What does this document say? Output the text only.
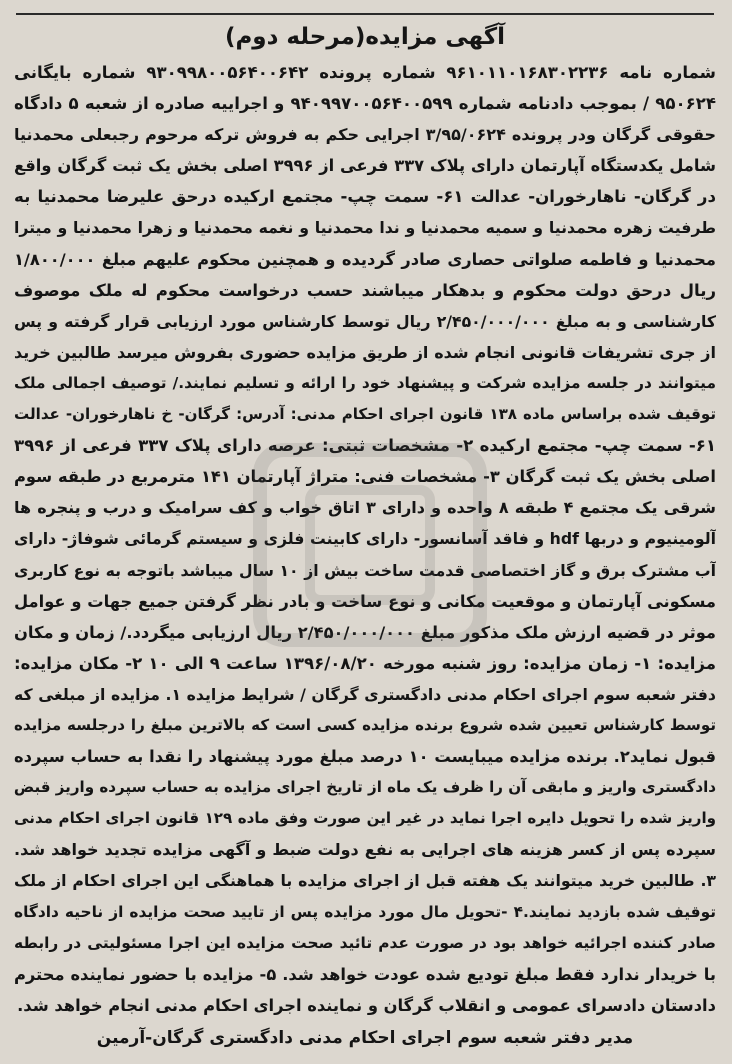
آگهی مزایده(مرحله دوم)
شماره نامه ۹۶۱۰۱۱۰۱۶۸۳۰۲۲۳۶ شماره پرونده ۹۳۰۹۹۸۰۰۵۶۴۰۰۶۴۲ شماره بایگانی
۹۵۰۶۲۴ / بموجب دادنامه شماره ۹۴۰۹۹۷۰۰۵۶۴۰۰۵۹۹ و اجراییه صادره از شعبه ۵ دادگاه
حقوقی گرگان ودر پرونده ۳/۹۵/۰۶۲۴ اجرایی حکم به فروش ترکه مرحوم رجبعلی محمدنیا
شامل یکدستگاه آپارتمان دارای پلاک ۳۳۷ فرعی از ۳۹۹۶ اصلی بخش یک ثبت گرگان واقع
در گرگان- ناهارخوران- عدالت ۶۱- سمت چپ- مجتمع ارکیده درحق علیرضا محمدنیا به
طرفیت زهره محمدنیا و سمیه محمدنیا و ندا محمدنیا و نغمه محمدنیا و زهرا محمدنیا و میترا
محمدنیا و فاطمه صلواتی حصاری صادر گردیده و همچنین محکوم علیهم مبلغ ۱/۸۰۰/۰۰۰
ریال درحق دولت محکوم و بدهکار میباشند حسب درخواست محکوم له ملک موصوف
کارشناسی و به مبلغ ۲/۴۵۰/۰۰۰/۰۰۰ ریال توسط کارشناس مورد ارزیابی قرار گرفته و پس
از جری تشریفات قانونی انجام شده از طریق مزایده حضوری بفروش میرسد طالبین خرید
میتوانند در جلسه مزایده شرکت و پیشنهاد خود را ارائه و تسلیم نمایند./ توصیف اجمالی ملک
توقیف شده براساس ماده ۱۳۸ قانون اجرای احکام مدنی: آدرس: گرگان- خ ناهارخوران- عدالت
۶۱- سمت چپ- مجتمع ارکیده ۲- مشخصات ثبتی: عرصه دارای پلاک ۳۳۷ فرعی از ۳۹۹۶
اصلی بخش یک ثبت گرگان ۳- مشخصات فنی: متراژ آپارتمان ۱۴۱ مترمربع در طبقه سوم
شرقی یک مجتمع ۴ طبقه ۸ واحده و دارای ۳ اتاق خواب و کف سرامیک و درب و پنجره ها
آلومینیوم و دربها hdf و فاقد آسانسور- دارای کابینت فلزی و سیستم گرمائی شوفاژ- دارای
آب مشترک برق و گاز اختصاصی قدمت ساخت بیش از ۱۰ سال میباشد باتوجه به نوع کاربری
مسکونی آپارتمان و موقعیت مکانی و نوع ساخت و بادر نظر گرفتن جمیع جهات و عوامل
موثر در قضیه ارزش ملک مذکور مبلغ ۲/۴۵۰/۰۰۰/۰۰۰ ریال ارزیابی میگردد./ زمان و مکان
مزایده: ۱- زمان مزایده: روز شنبه مورخه ۱۳۹۶/۰۸/۲۰ ساعت ۹ الی ۱۰ ۲- مکان مزایده:
دفتر شعبه سوم اجرای احکام مدنی دادگستری گرگان / شرایط مزایده ۱. مزایده از مبلغی که
توسط کارشناس تعیین شده شروع برنده مزایده کسی است که بالاترین مبلغ را درجلسه مزایده
قبول نماید۲. برنده مزایده میبایست ۱۰ درصد مبلغ مورد پیشنهاد را نقدا به حساب سپرده
دادگستری واریز و مابقی آن را ظرف یک ماه از تاریخ اجرای مزایده به حساب سپرده واریز قبض
واریز شده را تحویل دایره اجرا نماید در غیر این صورت وفق ماده ۱۲۹ قانون اجرای احکام مدنی
سپرده پس از کسر هزینه های اجرایی به نفع دولت ضبط و آگهی مزایده تجدید خواهد شد.
۳. طالبین خرید میتوانند یک هفته قبل از اجرای مزایده با هماهنگی این اجرای احکام از ملک
توقیف شده بازدید نمایند.۴ -تحویل مال مورد مزایده پس از تایید صحت مزایده از ناحیه دادگاه
صادر کننده اجرائیه خواهد بود در صورت عدم تائید صحت مزایده این اجرا مسئولیتی در رابطه
با خریدار ندارد فقط مبلغ تودیع شده عودت خواهد شد. ۵- مزایده با حضور نماینده محترم
دادستان دادسرای عمومی و انقلاب گرگان و نماینده اجرای احکام مدنی انجام خواهد شد.
مدیر دفتر شعبه سوم اجرای احکام مدنی دادگستری گرگان-آرمین
